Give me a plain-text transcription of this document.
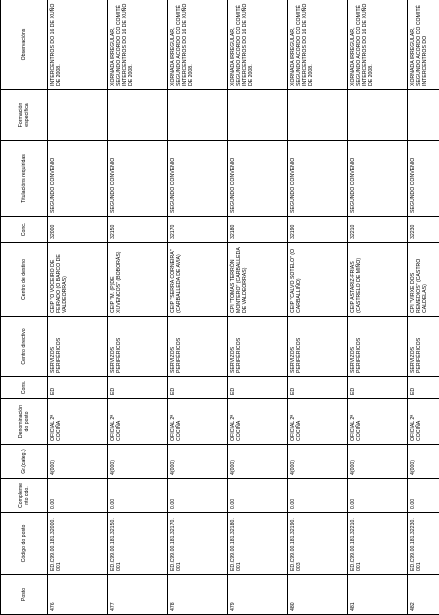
Posto	Código do posto	Complemento cdo.	Gr.(categ.)	Denominación do posto	Cons.	Centro directivo	Centro de destino	Conc.	Titulacións requiridas	Formación específica	Observacións
476	ED.C99.00.181.32000.001	0.00	4(000)	OFICIAL 2ª COCIÑA	ED	SERVIZOS PERIFÉRICOS	CEIP "O VOCEIRO DE FEIRADO (O BARCO DE VALDEORRAS)	32000	SEGUNDO CONVENIO		INTERCENTROS DO 16 DE XUÑO DE 2008.
477	ED.C99.00.181.32150.001	0.00	4(000)	OFICIAL 2ª COCIÑA	ED	SERVIZOS PERIFÉRICOS	CEIP "M. (P)DE XUVENCOS" (BOBORÁS)	32150	SEGUNDO CONVENIO		XORNADA IRREGULAR, SEGUNDO ACORDO CO COMITÉ INTERCENTROS DO 16 DE XUÑO DE 2008.
478	ED.C99.00.181.32170.001	0.00	4(000)	OFICIAL 2ª COCIÑA	ED	SERVIZOS PERIFÉRICOS	CEIP "SERRA CORNEIRA" (CARBALLEDA DE AVIA)	32170	SEGUNDO CONVENIO		XORNADA IRREGULAR, SEGUNDO ACORDO CO COMITÉ INTERCENTROS DO 16 DE XUÑO DE 2008.
479	ED.C99.00.181.32180.001	0.00	4(000)	OFICIAL 2ª COCIÑA	ED	SERVIZOS PERIFÉRICOS	CPI "TOMAS TERRÓN MONTERO" (CARBALLEDA DE VALDEORRAS)	32180	SEGUNDO CONVENIO		XORNADA IRREGULAR, SEGUNDO ACORDO CO COMITÉ INTERCENTROS DO 16 DE XUÑO DE 2008.
480	ED.C99.00.181.32190.003	0.00	4(000)	OFICIAL 2ª COCIÑA	ED	SERVIZOS PERIFÉRICOS	CEIP "CALVO SOTELO" (O CARBALLIÑO)	32190	SEGUNDO CONVENIO		XORNADA IRREGULAR, SEGUNDO ACORDO CO COMITÉ INTERCENTROS DO 16 DE XUÑO DE 2008.
481	ED.C99.00.181.32210.001	0.00	4(000)	OFICIAL 2ª COCIÑA	ED	SERVIZOS PERIFÉRICOS	CEIP ASTARIZ-FRIAS (CASTRELO DE MIÑO)	32210	SEGUNDO CONVENIO		XORNADA IRREGULAR, SEGUNDO ACORDO CO COMITÉ INTERCENTROS DO 16 DE XUÑO DE 2008.
482	ED.C99.00.181.32230.001	0.00	4(000)	OFICIAL 2ª COCIÑA	ED	SERVIZOS PERIFÉRICOS	CPI "VIRXE DOS REMEDIOS" (CASTRO CALDELAS)	32230	SEGUNDO CONVENIO		XORNADA IRREGULAR, SEGUNDO ACORDO CO COMITÉ INTERCENTROS DO
